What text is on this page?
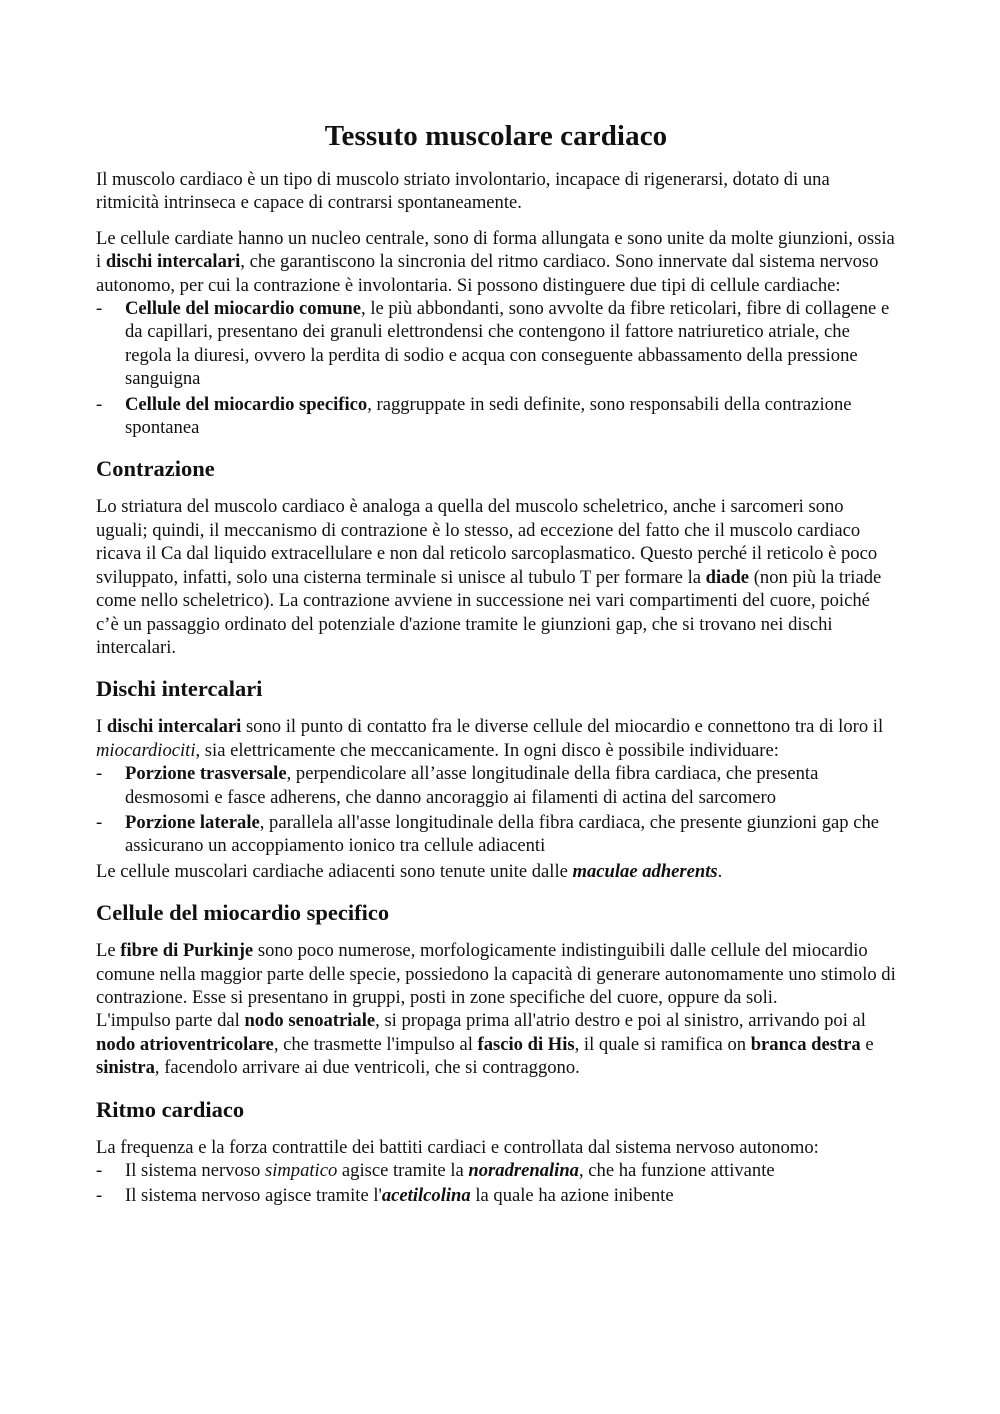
Tessuto muscolare cardiaco

Il muscolo cardiaco è un tipo di muscolo striato involontario, incapace di rigenerarsi, dotato di una ritmicità intrinseca e capace di contrarsi spontaneamente.

Le cellule cardiate hanno un nucleo centrale, sono di forma allungata e sono unite da molte giunzioni, ossia i dischi intercalari, che garantiscono la sincronia del ritmo cardiaco. Sono innervate dal sistema nervoso autonomo, per cui la contrazione è involontaria. Si possono distinguere due tipi di cellule cardiache:

- Cellule del miocardio comune, le più abbondanti, sono avvolte da fibre reticolari, fibre di collagene e da capillari, presentano dei granuli elettrondensi che contengono il fattore natriuretico atriale, che regola la diuresi, ovvero la perdita di sodio e acqua con conseguente abbassamento della pressione sanguigna
- Cellule del miocardio specifico, raggruppate in sedi definite, sono responsabili della contrazione spontanea
Contrazione

Lo striatura del muscolo cardiaco è analoga a quella del muscolo scheletrico, anche i sarcomeri sono uguali; quindi, il meccanismo di contrazione è lo stesso, ad eccezione del fatto che il muscolo cardiaco ricava il Ca dal liquido extracellulare e non dal reticolo sarcoplasmatico. Questo perché il reticolo è poco sviluppato, infatti, solo una cisterna terminale si unisce al tubulo T per formare la diade (non più la triade come nello scheletrico). La contrazione avviene in successione nei vari compartimenti del cuore, poiché c’è un passaggio ordinato del potenziale d'azione tramite le giunzioni gap, che si trovano nei dischi intercalari.

Dischi intercalari

I dischi intercalari sono il punto di contatto fra le diverse cellule del miocardio e connettono tra di loro il miocardiociti, sia elettricamente che meccanicamente. In ogni disco è possibile individuare:

- Porzione trasversale, perpendicolare all’asse longitudinale della fibra cardiaca, che presenta desmosomi e fasce adherens, che danno ancoraggio ai filamenti di actina del sarcomero
- Porzione laterale, parallela all'asse longitudinale della fibra cardiaca, che presente giunzioni gap che assicurano un accoppiamento ionico tra cellule adiacenti

Le cellule muscolari cardiache adiacenti sono tenute unite dalle maculae adherents.

Cellule del miocardio specifico

Le fibre di Purkinje sono poco numerose, morfologicamente indistinguibili dalle cellule del miocardio comune nella maggior parte delle specie, possiedono la capacità di generare autonomamente uno stimolo di contrazione. Esse si presentano in gruppi, posti in zone specifiche del cuore, oppure da soli.

L'impulso parte dal nodo senoatriale, si propaga prima all'atrio destro e poi al sinistro, arrivando poi al nodo atrioventricolare, che trasmette l'impulso al fascio di His, il quale si ramifica on branca destra e sinistra, facendolo arrivare ai due ventricoli, che si contraggono.

Ritmo cardiaco

La frequenza e la forza contrattile dei battiti cardiaci e controllata dal sistema nervoso autonomo:

- Il sistema nervoso simpatico agisce tramite la noradrenalina, che ha funzione attivante
- Il sistema nervoso agisce tramite l'acetilcolina la quale ha azione inibente
